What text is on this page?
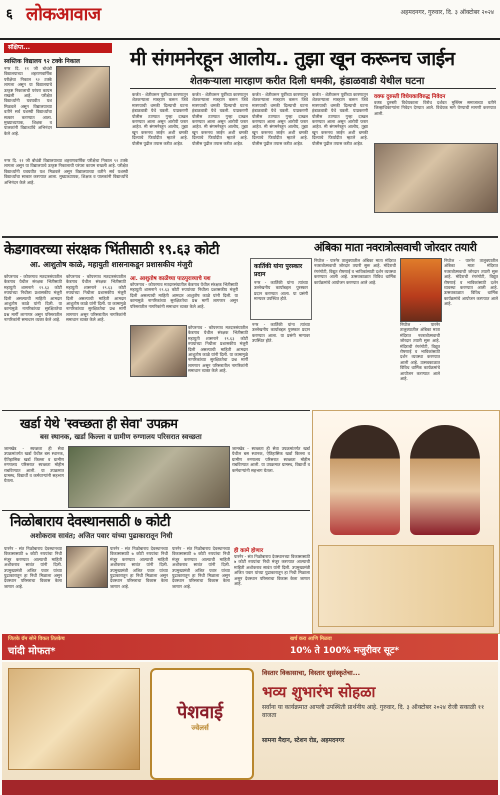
६ लोकआवाज	अहमदनगर, गुरुवार, दि. ३ ऑक्टोबर २०२४
संक्षिप्त...
स्वस्तिक विद्यालय ९२ टक्के निकाल
नगर दि. ११ जी बोधंडी विद्यालयाच्या शहराणवार्षिक परीक्षेचा निकाल ९२ टक्के लागला असून या विद्यालयाचे उत्कृष्ट निकालाची परंपरा कायम राखली आहे. परीक्षेत विद्यार्थ्यांनी घवघवीत यश मिळवले असून विद्यालयाच्या वतीने सर्व यशस्वी विद्यार्थ्यांचा सत्कार करण्यात आला. मुख्याध्यापक, शिक्षक व पालकांनी विद्यार्थ्यांचे अभिनंदन केले आहे.
नगर दि. ११ जी बोधंडी विद्यालयाच्या शहराणवार्षिक परीक्षेचा निकाल ९२ टक्के लागला असून या विद्यालयाचे उत्कृष्ट निकालाची परंपरा कायम राखली आहे. परीक्षेत विद्यार्थ्यांनी घवघवीत यश मिळवले असून विद्यालयाच्या वतीने सर्व यशस्वी विद्यार्थ्यांचा सत्कार करण्यात आला. मुख्याध्यापक, शिक्षक व पालकांनी विद्यार्थ्यांचे अभिनंदन केले आहे.
मी संगमनेरहून आलोय.. तुझा खून करूनच जाईन
शेतकऱ्याला मारहाण करीत दिली धमकी, हंडाळवाडी येथील घटना
कर्जत - शेतीवरून पूर्वीच्या कारणातून शेतकऱ्याला मारहाण करून जिवे मारण्याची धमकी दिल्याची घटना हंडाळवाडी येथे घडली. याप्रकरणी पोलीस ठाण्यात गुन्हा दाखल करण्यात आला असून आरोपी फरार आहेत. मी संगमनेरहून आलोय, तुझा खून करूनच जाईन अशी धमकी दिल्याचे फिर्यादीत म्हटले आहे. पोलीस पुढील तपास करीत आहेत.
कर्जत - शेतीवरून पूर्वीच्या कारणातून शेतकऱ्याला मारहाण करून जिवे मारण्याची धमकी दिल्याची घटना हंडाळवाडी येथे घडली. याप्रकरणी पोलीस ठाण्यात गुन्हा दाखल करण्यात आला असून आरोपी फरार आहेत. मी संगमनेरहून आलोय, तुझा खून करूनच जाईन अशी धमकी दिल्याचे फिर्यादीत म्हटले आहे. पोलीस पुढील तपास करीत आहेत.
कर्जत - शेतीवरून पूर्वीच्या कारणातून शेतकऱ्याला मारहाण करून जिवे मारण्याची धमकी दिल्याची घटना हंडाळवाडी येथे घडली. याप्रकरणी पोलीस ठाण्यात गुन्हा दाखल करण्यात आला असून आरोपी फरार आहेत. मी संगमनेरहून आलोय, तुझा खून करूनच जाईन अशी धमकी दिल्याचे फिर्यादीत म्हटले आहे. पोलीस पुढील तपास करीत आहेत.
कर्जत - शेतीवरून पूर्वीच्या कारणातून शेतकऱ्याला मारहाण करून जिवे मारण्याची धमकी दिल्याची घटना हंडाळवाडी येथे घडली. याप्रकरणी पोलीस ठाण्यात गुन्हा दाखल करण्यात आला असून आरोपी फरार आहेत. मी संगमनेरहून आलोय, तुझा खून करूनच जाईन अशी धमकी दिल्याचे फिर्यादीत म्हटले आहे. पोलीस पुढील तपास करीत आहेत.
वक्फ दुरुस्ती विधेयकाविरुद्ध निवेदन
वक्फ दुरुस्ती विधेयकाला विरोध दर्शवत मुस्लिम समाजाच्या वतीने जिल्हाधिकाऱ्यांना निवेदन देण्यात आले. विधेयक मागे घेण्याची मागणी करण्यात आली.
केडगावरच्या संरक्षक भिंतीसाठी १९.६३ कोटी
आ. आशुतोष काळे, महायुती शासनाकडून प्रशासकीय मंजुरी
कोपरगाव - कोपरगाव मतदारसंघातील केडगाव येथील संरक्षक भिंतीसाठी महायुती शासनाने १९.६३ कोटी रुपयांच्या निधीला प्रशासकीय मंजुरी दिली असल्याची माहिती आमदार आशुतोष काळे यांनी दिली. या कामामुळे नागरिकांच्या सुरक्षिततेचा प्रश्न मार्गी लागणार असून परिसरातील नागरिकांनी समाधान व्यक्त केले आहे.
कोपरगाव - कोपरगाव मतदारसंघातील केडगाव येथील संरक्षक भिंतीसाठी महायुती शासनाने १९.६३ कोटी रुपयांच्या निधीला प्रशासकीय मंजुरी दिली असल्याची माहिती आमदार आशुतोष काळे यांनी दिली. या कामामुळे नागरिकांच्या सुरक्षिततेचा प्रश्न मार्गी लागणार असून परिसरातील नागरिकांनी समाधान व्यक्त केले आहे.
आ. आशुतोष काळेंच्या पाठपुराव्याचे यश
कोपरगाव - कोपरगाव मतदारसंघातील केडगाव येथील संरक्षक भिंतीसाठी महायुती शासनाने १९.६३ कोटी रुपयांच्या निधीला प्रशासकीय मंजुरी दिली असल्याची माहिती आमदार आशुतोष काळे यांनी दिली. या कामामुळे नागरिकांच्या सुरक्षिततेचा प्रश्न मार्गी लागणार असून परिसरातील नागरिकांनी समाधान व्यक्त केले आहे.
कोपरगाव - कोपरगाव मतदारसंघातील केडगाव येथील संरक्षक भिंतीसाठी महायुती शासनाने १९.६३ कोटी रुपयांच्या निधीला प्रशासकीय मंजुरी दिली असल्याची माहिती आमदार आशुतोष काळे यांनी दिली. या कामामुळे नागरिकांच्या सुरक्षिततेचा प्रश्न मार्गी लागणार असून परिसरातील नागरिकांनी समाधान व्यक्त केले आहे.
कार्तिकी यांना पुरस्कार प्रदान
नगर - कार्तिकी यांना त्यांच्या उल्लेखनीय कार्याबद्दल पुरस्कार प्रदान करण्यात आला. या प्रसंगी मान्यवर उपस्थित होते.
नगर - कार्तिकी यांना त्यांच्या उल्लेखनीय कार्याबद्दल पुरस्कार प्रदान करण्यात आला. या प्रसंगी मान्यवर उपस्थित होते.
अंबिका माता नवरात्रोत्सवाची जोरदार तयारी
निघोज - पारनेर तालुक्यातील अंबिका माता मंदिरात नवरात्रोत्सवाची जोरदार तयारी सुरू आहे. मंदिराची रंगरंगोटी, विद्युत रोषणाई व भाविकांसाठी दर्शन व्यवस्था करण्यात आली आहे. उत्सवकाळात विविध धार्मिक कार्यक्रमांचे आयोजन करण्यात आले आहे.
निघोज - पारनेर तालुक्यातील अंबिका माता मंदिरात नवरात्रोत्सवाची जोरदार तयारी सुरू आहे. मंदिराची रंगरंगोटी, विद्युत रोषणाई व भाविकांसाठी दर्शन व्यवस्था करण्यात आली आहे. उत्सवकाळात विविध धार्मिक कार्यक्रमांचे आयोजन करण्यात आले आहे.
निघोज - पारनेर तालुक्यातील अंबिका माता मंदिरात नवरात्रोत्सवाची जोरदार तयारी सुरू आहे. मंदिराची रंगरंगोटी, विद्युत रोषणाई व भाविकांसाठी दर्शन व्यवस्था करण्यात आली आहे. उत्सवकाळात विविध धार्मिक कार्यक्रमांचे आयोजन करण्यात आले आहे.
खर्डा येथे 'स्वच्छता ही सेवा' उपक्रम
बस स्थानक, खर्डा किल्ला व ग्रामीण रुग्णालय परिसरात स्वच्छता
जामखेड - स्वच्छता ही सेवा उपक्रमांतर्गत खर्डा येथील बस स्थानक, ऐतिहासिक खर्डा किल्ला व ग्रामीण रुग्णालय परिसरात स्वच्छता मोहीम राबविण्यात आली. या उपक्रमात ग्रामस्थ, विद्यार्थी व कर्मचाऱ्यांनी सहभाग घेतला.
जामखेड - स्वच्छता ही सेवा उपक्रमांतर्गत खर्डा येथील बस स्थानक, ऐतिहासिक खर्डा किल्ला व ग्रामीण रुग्णालय परिसरात स्वच्छता मोहीम राबविण्यात आली. या उपक्रमात ग्रामस्थ, विद्यार्थी व कर्मचाऱ्यांनी सहभाग घेतला.
निळोबाराय देवस्थानसाठी ७ कोटी
अशोकराव सावंत; अजित पवार यांच्या पुढाकारातून निधी
पारनेर - संत निळोबाराय देवस्थानच्या विकासासाठी ७ कोटी रुपयांचा निधी मंजूर करण्यात आल्याची माहिती अशोकराव सावंत यांनी दिली. उपमुख्यमंत्री अजित पवार यांच्या पुढाकारातून हा निधी मिळाला असून देवस्थान परिसराचा विकास केला जाणार आहे.
पारनेर - संत निळोबाराय देवस्थानच्या विकासासाठी ७ कोटी रुपयांचा निधी मंजूर करण्यात आल्याची माहिती अशोकराव सावंत यांनी दिली. उपमुख्यमंत्री अजित पवार यांच्या पुढाकारातून हा निधी मिळाला असून देवस्थान परिसराचा विकास केला जाणार आहे.
पारनेर - संत निळोबाराय देवस्थानच्या विकासासाठी ७ कोटी रुपयांचा निधी मंजूर करण्यात आल्याची माहिती अशोकराव सावंत यांनी दिली. उपमुख्यमंत्री अजित पवार यांच्या पुढाकारातून हा निधी मिळाला असून देवस्थान परिसराचा विकास केला जाणार आहे.
ही कामे होणार
पारनेर - संत निळोबाराय देवस्थानच्या विकासासाठी ७ कोटी रुपयांचा निधी मंजूर करण्यात आल्याची माहिती अशोकराव सावंत यांनी दिली. उपमुख्यमंत्री अजित पवार यांच्या पुढाकारातून हा निधी मिळाला असून देवस्थान परिसराचा विकास केला जाणार आहे.
जितके ग्रॅम सोने विकत तितकेच
चांदी मोफत*
खर्च करा आणि मिळवा
10% ते 100% मजुरीवर सूट*
पेशवाई
ज्वेलर्स
विस्तार विकासाचा, विस्तार सुसंस्कृतेचा...
भव्य शुभारंभ सोहळा
सर्वांना या कार्यक्रमात आपली उपस्थिती प्रार्थनीय आहे. गुरुवार, दि. ३ ऑक्टोबर २०२४ रोजी सकाळी ११ वाजता
सामना मैदान, स्टेशन रोड, अहमदनगर
